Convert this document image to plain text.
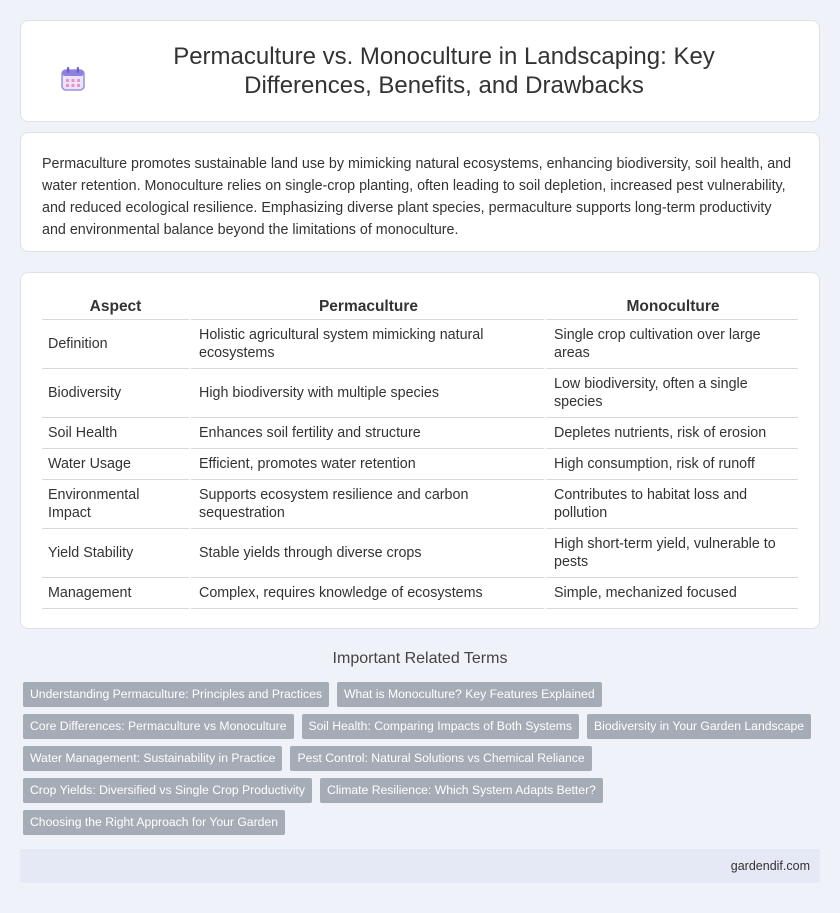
Permaculture vs. Monoculture in Landscaping: Key Differences, Benefits, and Drawbacks

Permaculture promotes sustainable land use by mimicking natural ecosystems, enhancing biodiversity, soil health, and water retention. Monoculture relies on single-crop planting, often leading to soil depletion, increased pest vulnerability, and reduced ecological resilience. Emphasizing diverse plant species, permaculture supports long-term productivity and environmental balance beyond the limitations of monoculture.

Aspect	Permaculture	Monoculture
Definition	Holistic agricultural system mimicking natural ecosystems	Single crop cultivation over large areas
Biodiversity	High biodiversity with multiple species	Low biodiversity, often a single species
Soil Health	Enhances soil fertility and structure	Depletes nutrients, risk of erosion
Water Usage	Efficient, promotes water retention	High consumption, risk of runoff
Environmental Impact	Supports ecosystem resilience and carbon sequestration	Contributes to habitat loss and pollution
Yield Stability	Stable yields through diverse crops	High short-term yield, vulnerable to pests
Management	Complex, requires knowledge of ecosystems	Simple, mechanized focused
Important Related Terms
Understanding Permaculture: Principles and Practices	What is Monoculture? Key Features Explained
Core Differences: Permaculture vs Monoculture	Soil Health: Comparing Impacts of Both Systems	Biodiversity in Your Garden Landscape
Water Management: Sustainability in Practice	Pest Control: Natural Solutions vs Chemical Reliance
Crop Yields: Diversified vs Single Crop Productivity	Climate Resilience: Which System Adapts Better?
Choosing the Right Approach for Your Garden
gardendif.com
